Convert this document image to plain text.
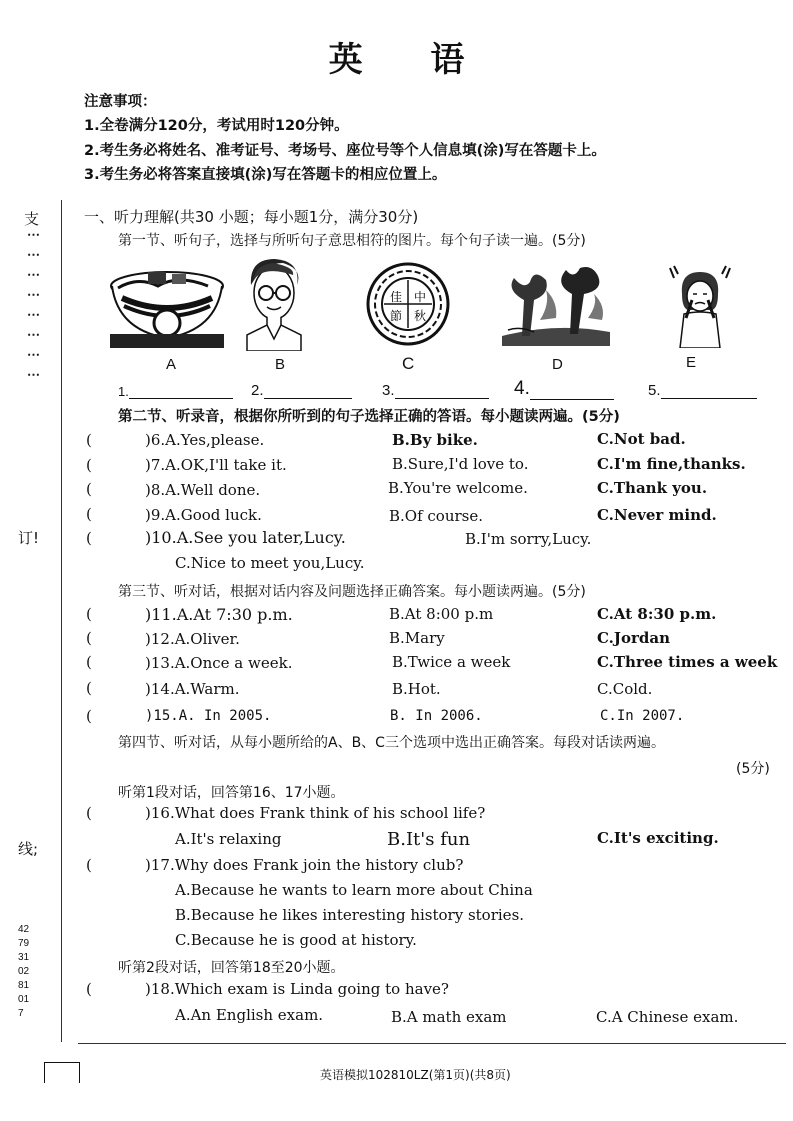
英 语
注意事项：
1.全卷满分120分，考试用时120分钟。
2.考生务必将姓名、准考证号、考场号、座位号等个人信息填(涂)写在答题卡上。
3.考生务必将答案直接填(涂)写在答题卡的相应位置上。
支
⋯
⋯
⋯
⋯
⋯
⋯
⋯
⋯
订!
线;
42
79
31
02
81
01
7
一、听力理解(共30 小题；每小题1分，满分30分)
第一节、听句子，选择与所听句子意思相符的图片。每个句子读一遍。(5分)
佳 中
節 秋
A	B	C	D	E
1.	2.	3.	4.	5.
第二节、听录音，根据你所听到的句子选择正确的答语。每小题读两遍。(5分)
(	)6.A.Yes,please.	B.By bike.	C.Not bad.
(	)7.A.OK,I'll take it.	B.Sure,I'd love to.	C.I'm fine,thanks.
(	)8.A.Well done.	B.You're welcome.	C.Thank you.
(	)9.A.Good luck.	B.Of course.	C.Never mind.
(	)10.A.See you later,Lucy.	B.I'm sorry,Lucy.
C.Nice to meet you,Lucy.
第三节、听对话，根据对话内容及问题选择正确答案。每小题读两遍。(5分)
(	)11.A.At 7:30 p.m.	B.At 8:00 p.m	C.At 8:30 p.m.
(	)12.A.Oliver.	B.Mary	C.Jordan
(	)13.A.Once a week.	B.Twice a week	C.Three times a week
(	)14.A.Warm.	B.Hot.	C.Cold.
(	)15.A. In 2005.	B. In 2006.	C.In 2007.
第四节、听对话，从每小题所给的A、B、C三个选项中选出正确答案。每段对话读两遍。
(5分)
听第1段对话，回答第16、17小题。
(	)16.What does Frank think of his school life?
A.It's relaxing	B.It's fun	C.It's exciting.
(	)17.Why does Frank join the history club?
A.Because he wants to learn more about China
B.Because he likes interesting history stories.
C.Because he is good at history.
听第2段对话，回答第18至20小题。
(	)18.Which exam is Linda going to have?
A.An English exam.	B.A math exam	C.A Chinese exam.
英语模拟102810LZ(第1页)(共8页)
